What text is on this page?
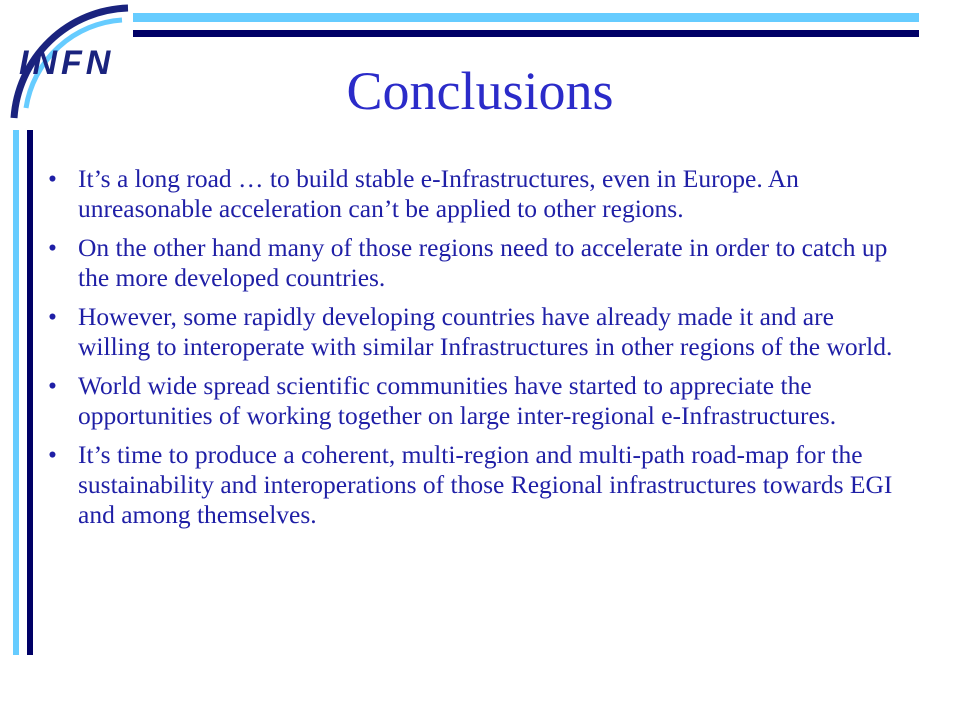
INFN	Conclusions
• It’s a long road … to build stable e-Infrastructures, even in Europe. An unreasonable acceleration can’t be applied to other regions.
• On the other hand many of those regions need to accelerate in order to catch up the more developed countries.
• However, some rapidly developing countries have already made it and are willing to interoperate with similar Infrastructures in other regions of the world.
• World wide spread scientific communities have started to appreciate the opportunities of working together on large inter-regional e-Infrastructures.
• It’s time to produce a coherent, multi-region and multi-path road-map for the sustainability and interoperations of those Regional infrastructures towards EGI and among themselves.
